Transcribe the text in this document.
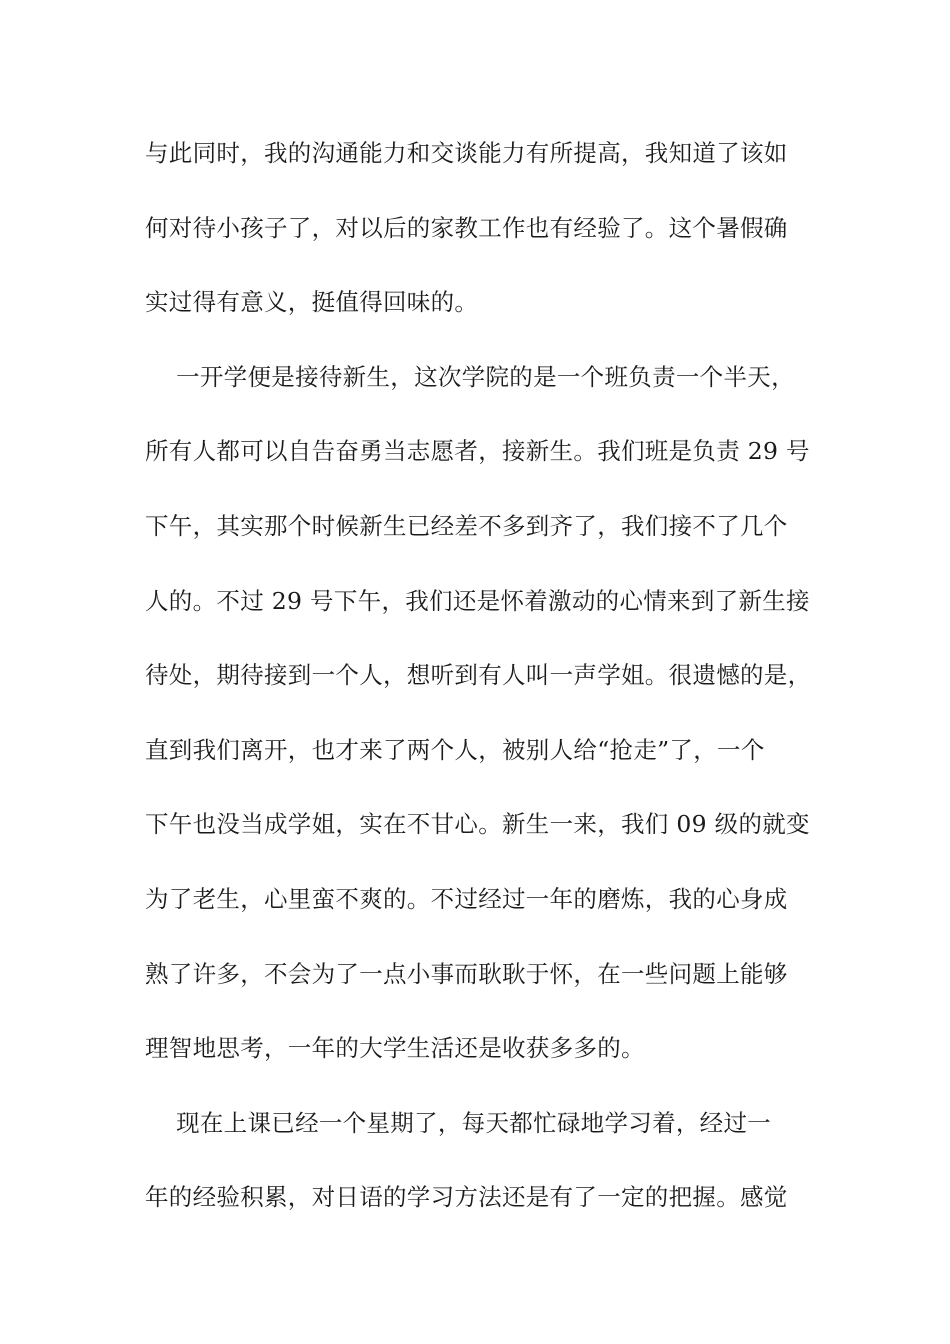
与此同时，我的沟通能力和交谈能力有所提高，我知道了该如
何对待小孩子了，对以后的家教工作也有经验了。这个暑假确
实过得有意义，挺值得回味的。
一开学便是接待新生，这次学院的是一个班负责一个半天，
所有人都可以自告奋勇当志愿者，接新生。我们班是负责 29 号
下午，其实那个时候新生已经差不多到齐了，我们接不了几个
人的。不过 29 号下午，我们还是怀着激动的心情来到了新生接
待处，期待接到一个人，想听到有人叫一声学姐。很遗憾的是，
直到我们离开，也才来了两个人，被别人给“抢走”了，一个
下午也没当成学姐，实在不甘心。新生一来，我们 09 级的就变
为了老生，心里蛮不爽的。不过经过一年的磨炼，我的心身成
熟了许多，不会为了一点小事而耿耿于怀，在一些问题上能够
理智地思考，一年的大学生活还是收获多多的。
现在上课已经一个星期了，每天都忙碌地学习着，经过一
年的经验积累，对日语的学习方法还是有了一定的把握。感觉
